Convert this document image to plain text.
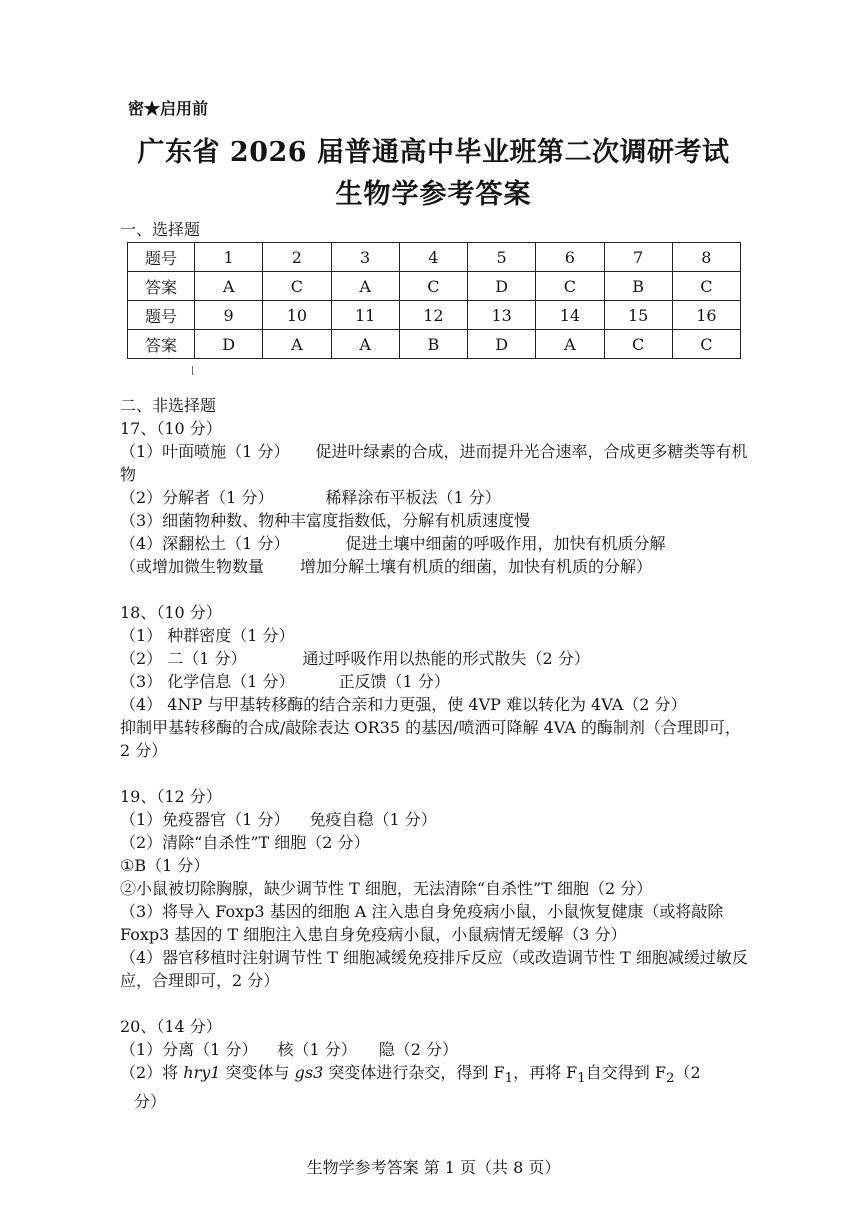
密★启用前
广东省 2026 届普通高中毕业班第二次调研考试
生物学参考答案
一、选择题
题号	1	2	3	4	5	6	7	8
答案	A	C	A	C	D	C	B	C
题号	9	10	11	12	13	14	15	16
答案	D	A	A	B	D	A	C	C
二、非选择题
17、（10 分）
（1）叶面喷施（1 分） 促进叶绿素的合成，进而提升光合速率，合成更多糖类等有机物
（2）分解者（1 分）	稀释涂布平板法（1 分）
（3）细菌物种数、物种丰富度指数低，分解有机质速度慢
（4）深翻松土（1 分）	促进土壤中细菌的呼吸作用，加快有机质分解
（或增加微生物数量 增加分解土壤有机质的细菌，加快有机质的分解）
18、（10 分）
（1） 种群密度（1 分）
（2） 二（1 分）	通过呼吸作用以热能的形式散失（2 分）
（3） 化学信息（1 分）	正反馈（1 分）
（4） 4NP 与甲基转移酶的结合亲和力更强，使 4VP 难以转化为 4VA（2 分）
抑制甲基转移酶的合成/敲除表达 OR35 的基因/喷洒可降解 4VA 的酶制剂（合理即可，2 分）
19、（12 分）
（1）免疫器官（1 分） 免疫自稳（1 分）
（2）清除“自杀性”T 细胞（2 分）
①B（1 分）
②小鼠被切除胸腺，缺少调节性 T 细胞，无法清除“自杀性”T 细胞（2 分）
（3）将导入 Foxp3 基因的细胞 A 注入患自身免疫病小鼠，小鼠恢复健康（或将敲除 Foxp3 基因的 T 细胞注入患自身免疫病小鼠，小鼠病情无缓解（3 分）
（4）器官移植时注射调节性 T 细胞减缓免疫排斥反应（或改造调节性 T 细胞减缓过敏反应，合理即可，2 分）
20、（14 分）
（1）分离（1 分） 核（1 分） 隐（2 分）
（2）将 hry1 突变体与 gs3 突变体进行杂交，得到 $F_1$，再将 $F_1$自交得到 $F_2(2$
分）
生物学参考答案 第 1 页（共 8 页）
